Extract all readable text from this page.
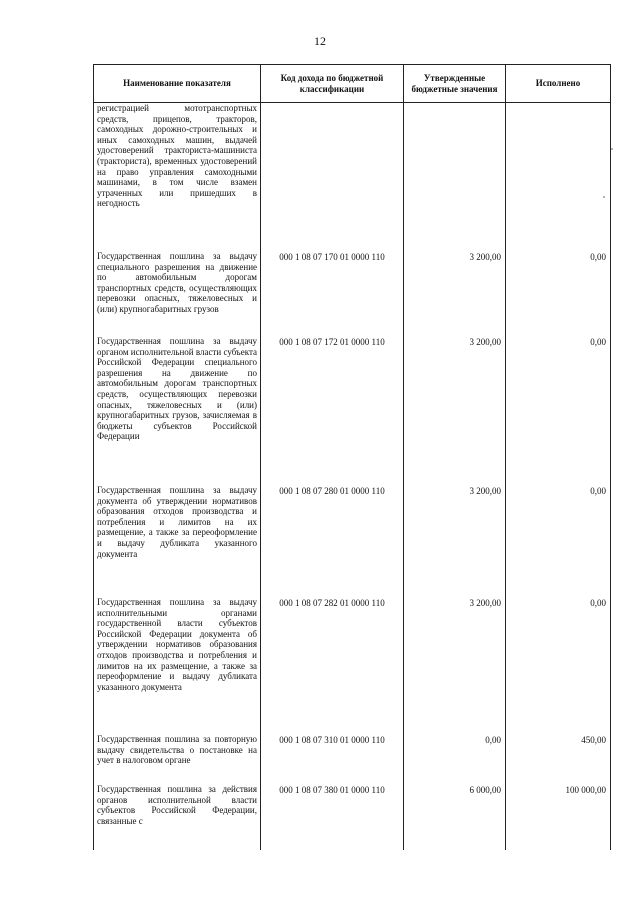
12
Наименование показателя	Код дохода по бюджетной классификации	Утвержденные бюджетные значения	Исполнено
регистрацией мототранспортных средств, прицепов, тракторов, самоходных дорожно-строительных и иных самоходных машин, выдачей удостоверений тракториста-машиниста (тракториста), временных удостоверений на право управления самоходными машинами, в том числе взамен утраченных или пришедших в негодность			
Государственная пошлина за выдачу специального разрешения на движение по автомобильным дорогам транспортных средств, осуществляющих перевозки опасных, тяжеловесных и (или) крупногабаритных грузов	000 1 08 07 170 01 0000 110	3 200,00	0,00
Государственная пошлина за выдачу органом исполнительной власти субъекта Российской Федерации специального разрешения на движение по автомобильным дорогам транспортных средств, осуществляющих перевозки опасных, тяжеловесных и (или) крупногабаритных грузов, зачисляемая в бюджеты субъектов Российской Федерации	000 1 08 07 172 01 0000 110	3 200,00	0,00
Государственная пошлина за выдачу документа об утверждении нормативов образования отходов производства и потребления и лимитов на их размещение, а также за переоформление и выдачу дубликата указанного документа	000 1 08 07 280 01 0000 110	3 200,00	0,00
Государственная пошлина за выдачу исполнительными органами государственной власти субъектов Российской Федерации документа об утверждении нормативов образования отходов производства и потребления и лимитов на их размещение, а также за переоформление и выдачу дубликата указанного документа	000 1 08 07 282 01 0000 110	3 200,00	0,00
Государственная пошлина за повторную выдачу свидетельства о постановке на учет в налоговом органе	000 1 08 07 310 01 0000 110	0,00	450,00
Государственная пошлина за действия органов исполнительной власти субъектов Российской Федерации, связанные с	000 1 08 07 380 01 0000 110	6 000,00	100 000,00
